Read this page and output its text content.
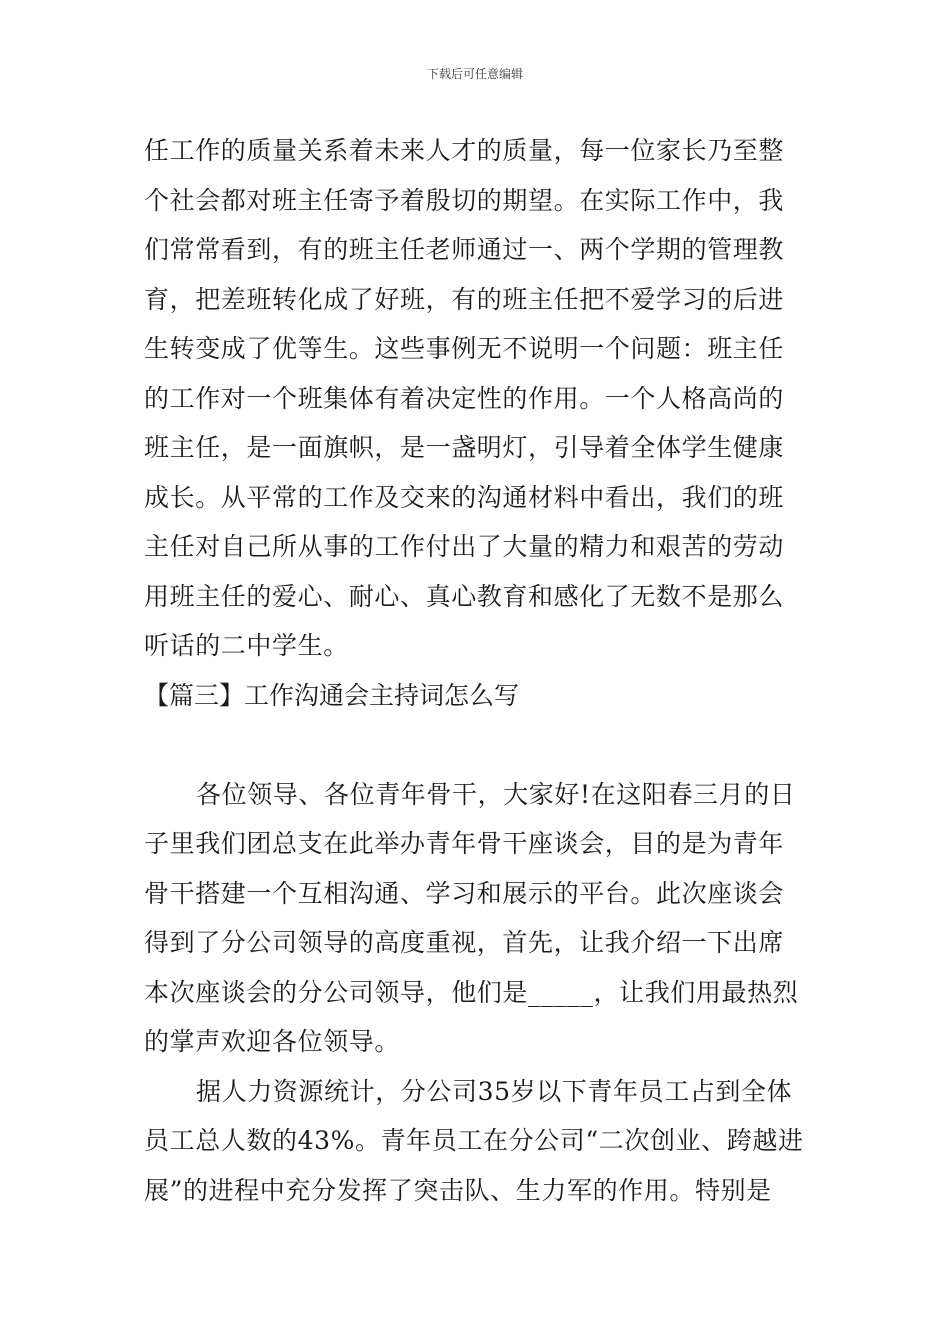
下载后可任意编辑
任工作的质量关系着未来人才的质量，每一位家长乃至整
个社会都对班主任寄予着殷切的期望。在实际工作中，我
们常常看到，有的班主任老师通过一、两个学期的管理教
育，把差班转化成了好班，有的班主任把不爱学习的后进
生转变成了优等生。这些事例无不说明一个问题：班主任
的工作对一个班集体有着决定性的作用。一个人格高尚的
班主任，是一面旗帜，是一盏明灯，引导着全体学生健康
成长。从平常的工作及交来的沟通材料中看出，我们的班
主任对自己所从事的工作付出了大量的精力和艰苦的劳动
用班主任的爱心、耐心、真心教育和感化了无数不是那么
听话的二中学生。
【篇三】工作沟通会主持词怎么写
各位领导、各位青年骨干，大家好!在这阳春三月的日
子里我们团总支在此举办青年骨干座谈会，目的是为青年
骨干搭建一个互相沟通、学习和展示的平台。此次座谈会
得到了分公司领导的高度重视，首先，让我介绍一下出席
本次座谈会的分公司领导，他们是_____，让我们用最热烈
的掌声欢迎各位领导。
据人力资源统计，分公司35岁以下青年员工占到全体
员工总人数的43%。青年员工在分公司“二次创业、跨越进
展”的进程中充分发挥了突击队、生力军的作用。特别是
